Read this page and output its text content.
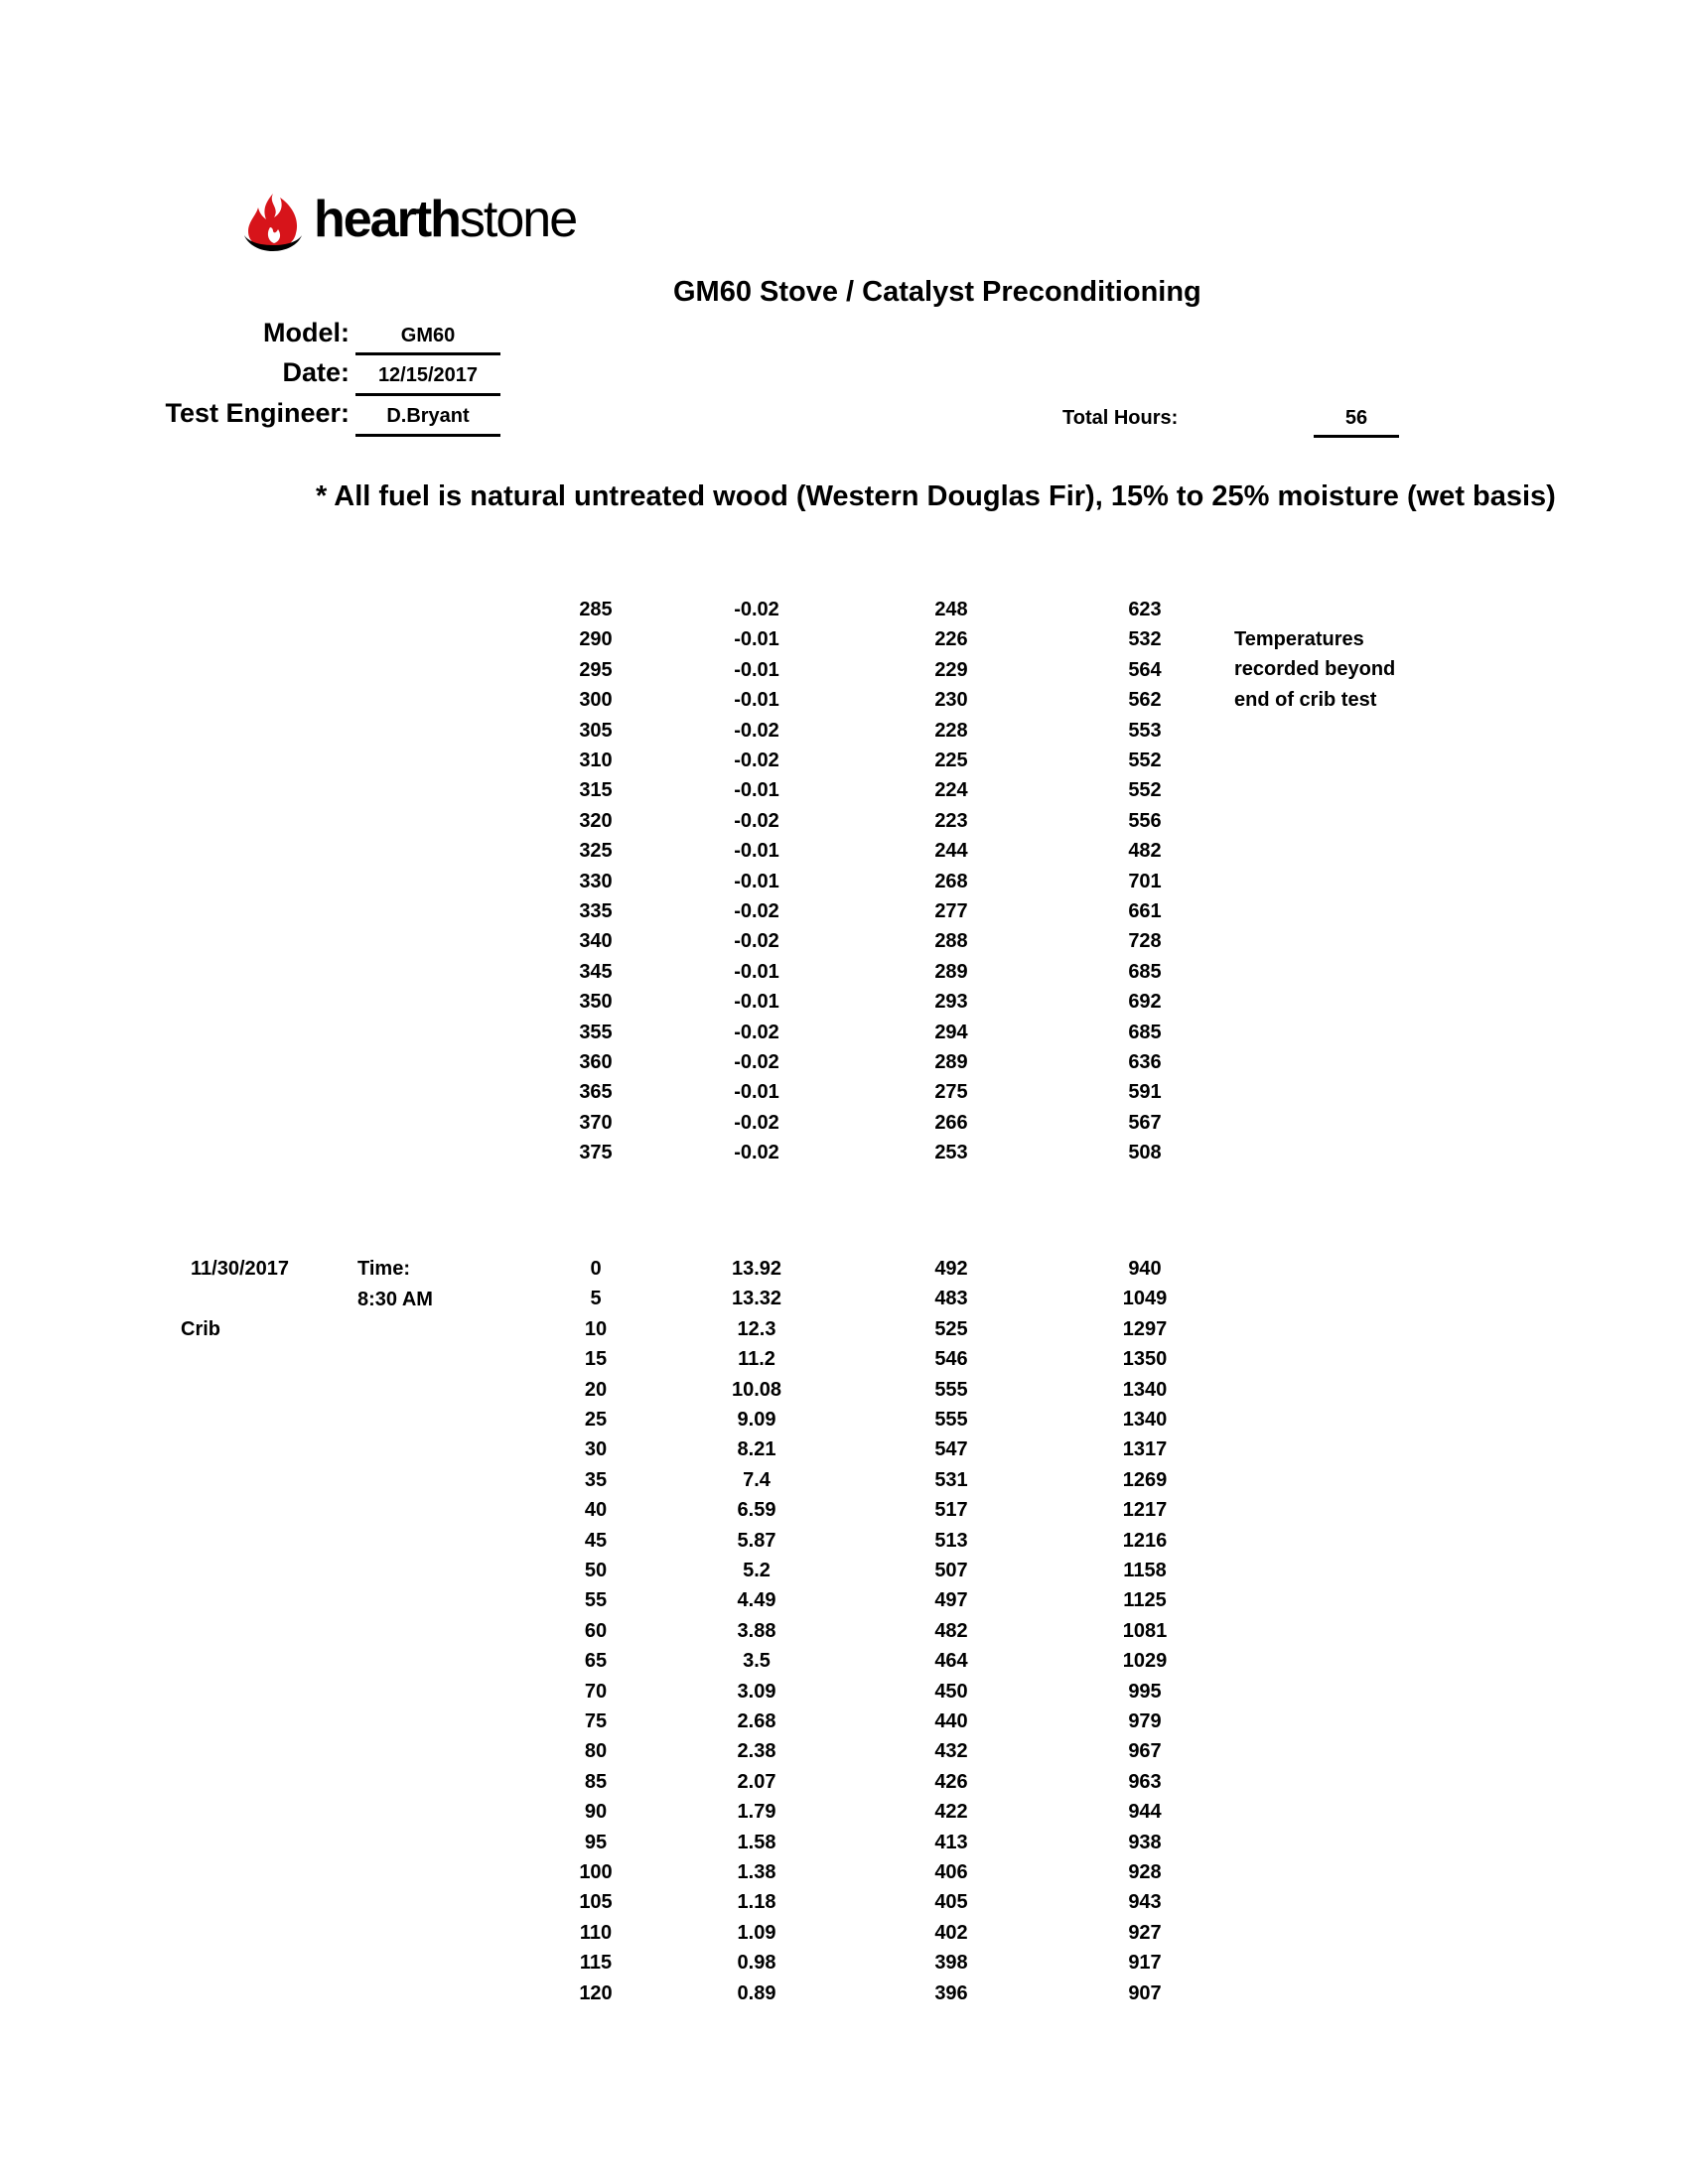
hearthstone
GM60 Stove / Catalyst Preconditioning
Model:	GM60
Date:	12/15/2017
Test Engineer:	D.Bryant	Total Hours:	56
* All fuel is natural untreated wood (Western Douglas Fir), 15% to 25% moisture (wet basis)
Temperatures
recorded beyond
end of crib test
11/30/2017	Time:
8:30 AM
Crib
285	-0.02	248	623
290	-0.01	226	532
295	-0.01	229	564
300	-0.01	230	562
305	-0.02	228	553
310	-0.02	225	552
315	-0.01	224	552
320	-0.02	223	556
325	-0.01	244	482
330	-0.01	268	701
335	-0.02	277	661
340	-0.02	288	728
345	-0.01	289	685
350	-0.01	293	692
355	-0.02	294	685
360	-0.02	289	636
365	-0.01	275	591
370	-0.02	266	567
375	-0.02	253	508
0	13.92	492	940
5	13.32	483	1049
10	12.3	525	1297
15	11.2	546	1350
20	10.08	555	1340
25	9.09	555	1340
30	8.21	547	1317
35	7.4	531	1269
40	6.59	517	1217
45	5.87	513	1216
50	5.2	507	1158
55	4.49	497	1125
60	3.88	482	1081
65	3.5	464	1029
70	3.09	450	995
75	2.68	440	979
80	2.38	432	967
85	2.07	426	963
90	1.79	422	944
95	1.58	413	938
100	1.38	406	928
105	1.18	405	943
110	1.09	402	927
115	0.98	398	917
120	0.89	396	907
